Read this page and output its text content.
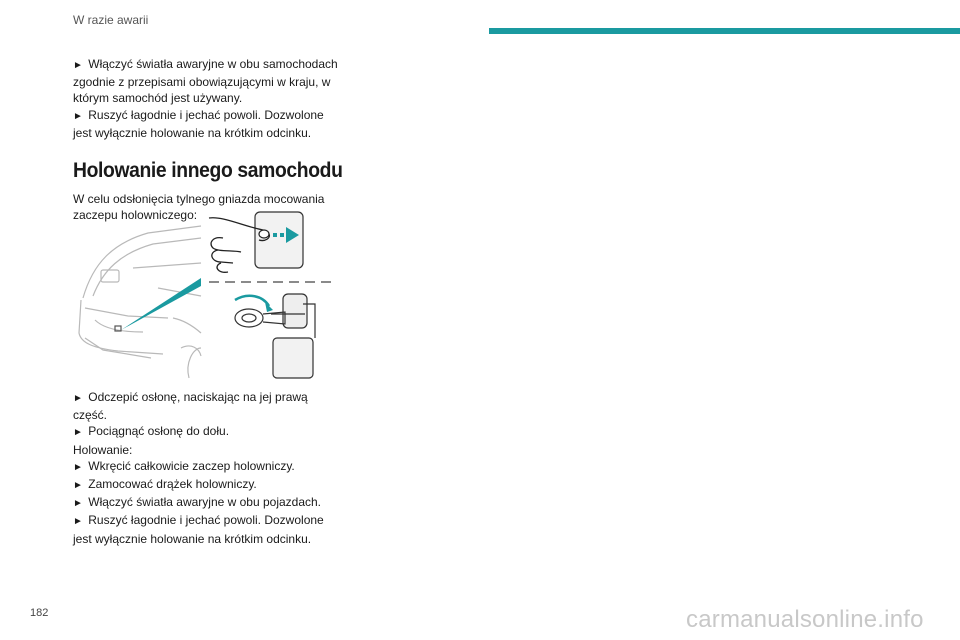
W razie awarii

► Włączyć światła awaryjne w obu samochodach zgodnie z przepisami obowiązującymi w kraju, w którym samochód jest używany.

► Ruszyć łagodnie i jechać powoli. Dozwolone jest wyłącznie holowanie na krótkim odcinku.

Holowanie innego samochodu

W celu odsłonięcia tylnego gniazda mocowania zaczepu holowniczego:

► Odczepić osłonę, naciskając na jej prawą część.

► Pociągnąć osłonę do dołu.

Holowanie:

► Wkręcić całkowicie zaczep holowniczy.

► Zamocować drążek holowniczy.

► Włączyć światła awaryjne w obu pojazdach.

► Ruszyć łagodnie i jechać powoli. Dozwolone jest wyłącznie holowanie na krótkim odcinku.

182	carmanualsonline.info
